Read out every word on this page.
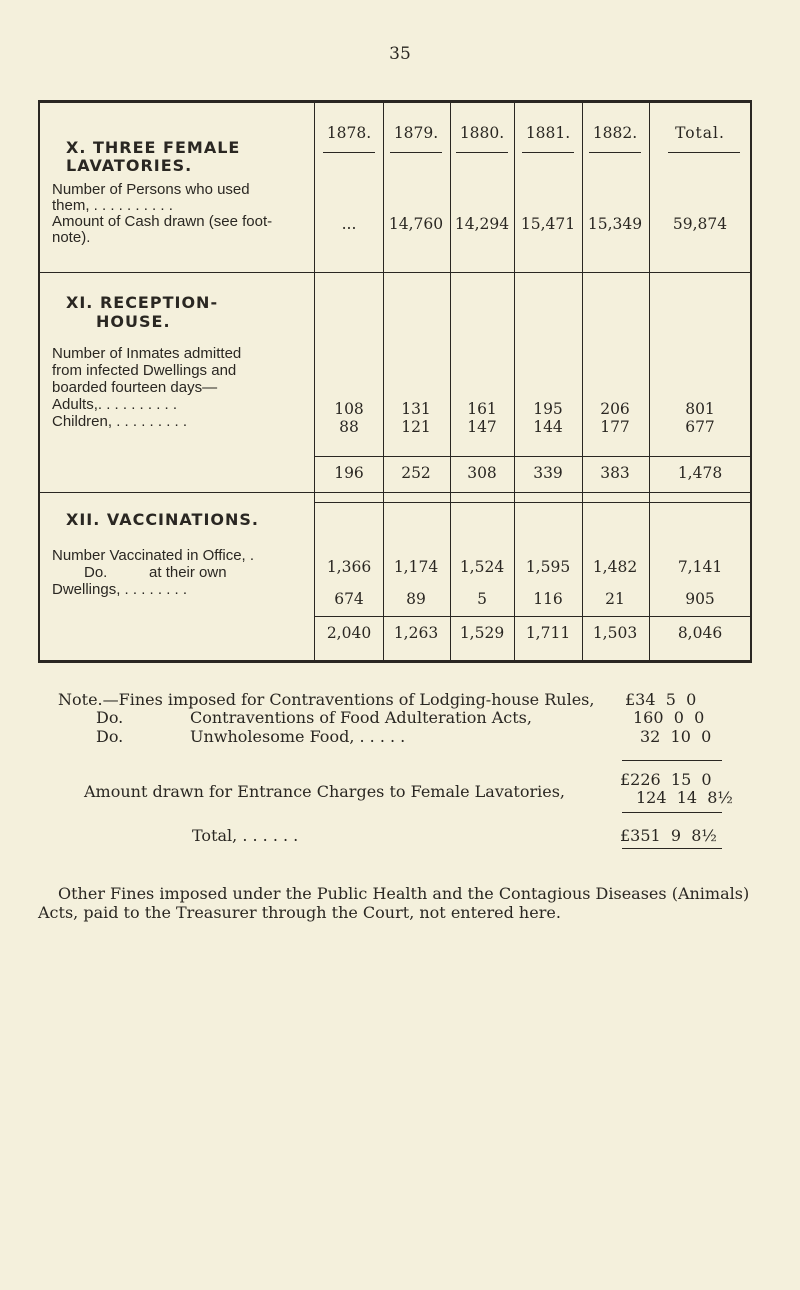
35
1878.	1879.	1880.	1881.	1882.	Total.
X. THREE FEMALE
LAVATORIES.
Number of Persons who used
them, . . . . . . . . . .
Amount of Cash drawn (see foot-
note).
...	14,760 14,294 15,471 15,349	59,874
XI. RECEPTION-
HOUSE.
Number of Inmates admitted
from infected Dwellings and
boarded fourteen days—
Adults,. . . . . . . . . .
Children, . . . . . . . . .
108	131	161	195	206	801
88	121	147	144	177	677
196	252	308	339	383	1,478
XII. VACCINATIONS.
Number Vaccinated in Office, .
Do.          at their own
Dwellings, . . . . . . . .
1,366	1,174	1,524	1,595	1,482	7,141
674	89	5	116	21	905
2,040	1,263	1,529	1,711	1,503	8,046
Note.—Fines imposed for Contraventions of Lodging-house Rules, £34  5  0
Do.	Contraventions of Food Adulteration Acts,	160  0  0
Do.	Unwholesome Food, . . . . .	32  10  0
£226  15  0
Amount drawn for Entrance Charges to Female Lavatories,	124  14  8½
Total, . . . . . .	£351  9  8½
Other Fines imposed under the Public Health and the Contagious Diseases (Animals)
Acts, paid to the Treasurer through the Court, not entered here.
